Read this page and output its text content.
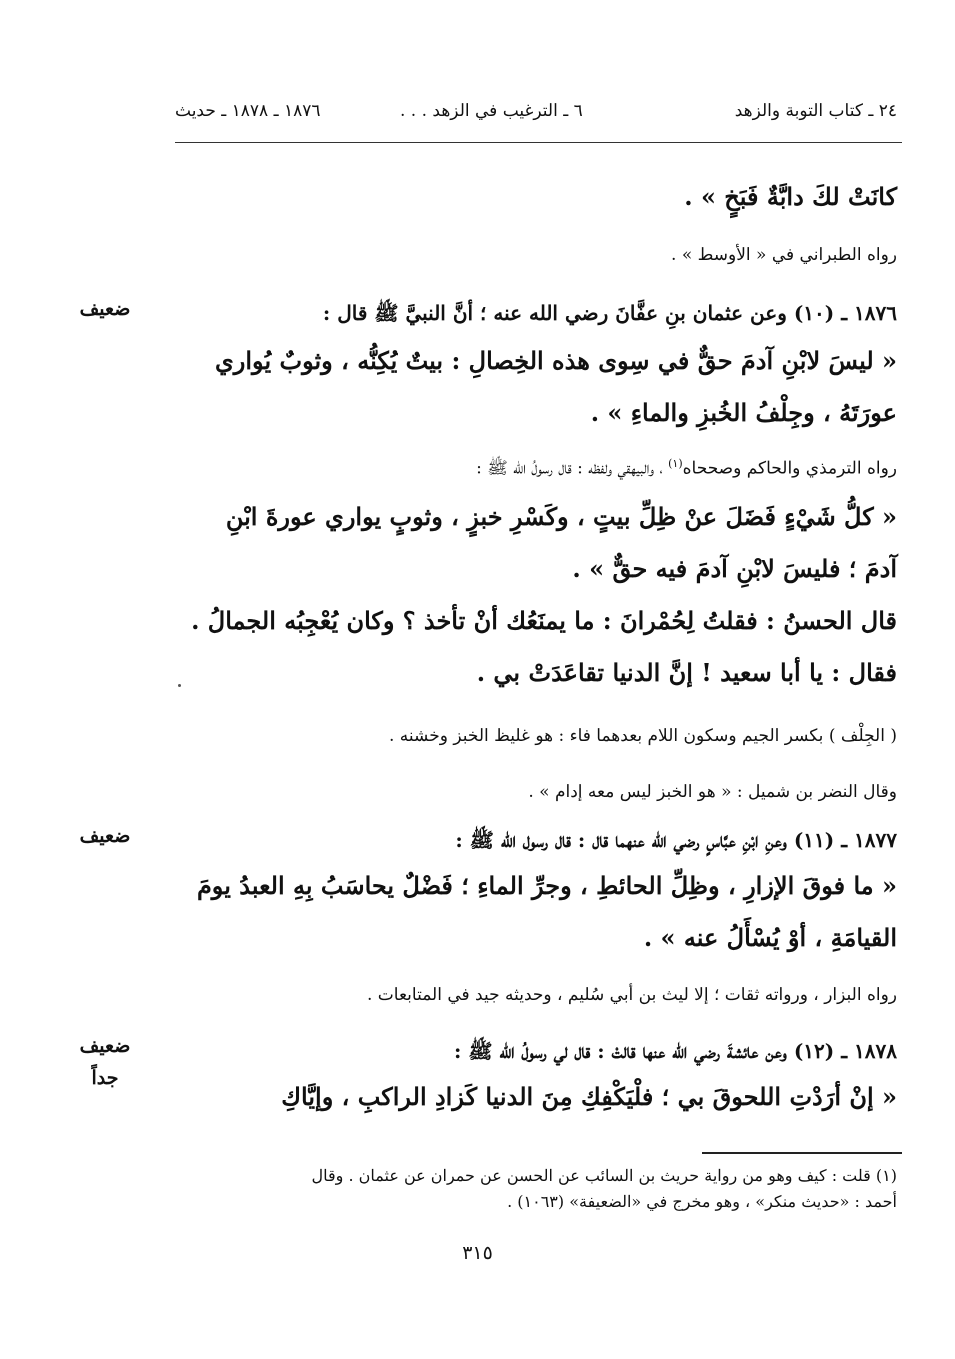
٢٤ ـ كتاب التوبة والزهد
٦ ـ الترغيب في الزهد . . .
١٨٧٦ ـ ١٨٧٨ ـ حديث

كانَتْ لكَ دابَّةٌ فَبَخٍ » .

رواه الطبراني في « الأوسط » .

١٨٧٦ ـ (١٠) وعن عثمان بنِ عفَّانَ رضي الله عنه ؛ أنَّ النبيَّ ﷺ قال :

« ليسَ لابْنِ آدمَ حقٌّ في سِوى هذه الخِصالِ : بيتٌ يُكِنُّه ، وثوبٌ يُواري

عورَتَهُ ، وجِلْفُ الخُبزِ والماءِ » .

رواه الترمذي والحاكم وصححاه$^{(١)}$ ، والبيهقي ولفظه : قال رسولُ الله ﷺ :

« كلُّ شَيْءٍ فَضَلَ عنْ ظِلِّ بيتٍ ، وكَسْرِ خبزٍ ، وثوبٍ يواري عورةَ ابْنِ

آدمَ ؛ فليسَ لابْنِ آدمَ فيه حقٌّ » .

قال الحسنُ : فقلتُ لِحُمْرانَ : ما يمنَعُك أنْ تأخذ ؟ وكان يُعْجِبُه الجمالُ .

فقال : يا أبا سعيد ! إنَّ الدنيا تقاعَدَتْ بي .

( الجِلْف ) بكسر الجيم وسكون اللام بعدهما فاء : هو غليظ الخبز وخشنه .

وقال النضر بن شميل : « هو الخبز ليس معه إدام » .

١٨٧٧ ـ (١١) وعنِ ابْنِ عبَّاسٍ رضي الله عنهما قال : قال رسول الله ﷺ :

« ما فوقَ الإزارِ ، وظِلِّ الحائطِ ، وجرِّ الماءِ ؛ فَضْلٌ يحاسَبُ بِهِ العبدُ يومَ

القيامَةِ ، أوْ يُسْأَلُ عنه » .

رواه البزار ، ورواته ثقات ؛ إلا ليث بن أبي سُليم ، وحديثه جيد في المتابعات .

١٨٧٨ ـ (١٢) وعن عائشةَ رضي الله عنها قالتْ : قال لي رسولُ الله ﷺ :

« إنْ أرَدْتِ اللحوقَ بي ؛ فلْيَكْفِكِ مِنَ الدنيا كَزادِ الراكبِ ، وإيَّاكِ

ضعيف
ضعيف
ضعيف
جداً

(١) قلت : كيف وهو من رواية حريث بن السائب عن الحسن عن حمران عن عثمان . وقال

أحمد : «حديث منكر» ، وهو مخرج في «الضعيفة» (١٠٦٣) .

٣١٥
